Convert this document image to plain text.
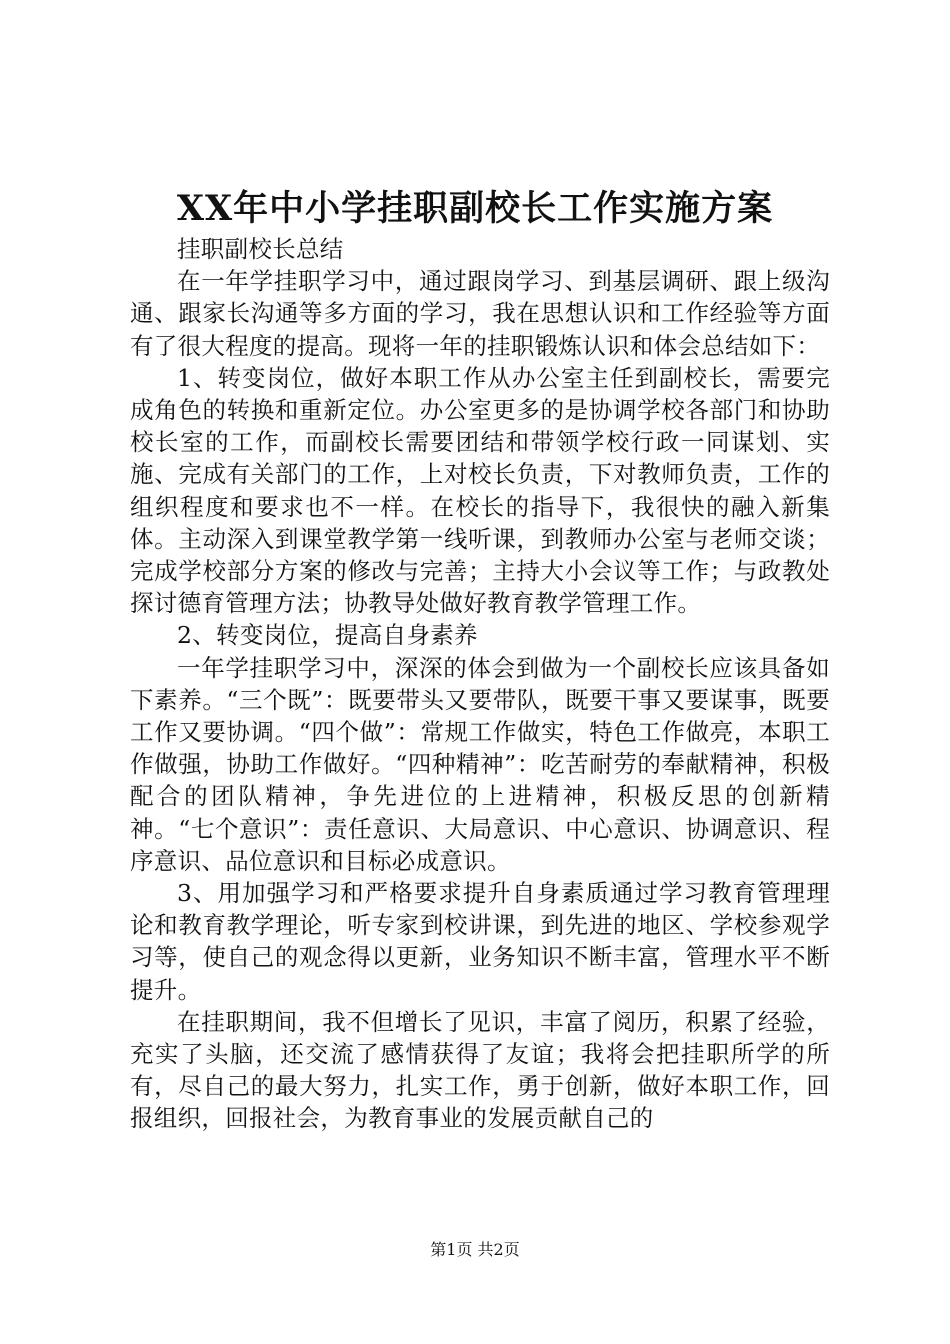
XX年中小学挂职副校长工作实施方案

挂职副校长总结

在一年学挂职学习中，通过跟岗学习、到基层调研、跟上级沟通、跟家长沟通等多方面的学习，我在思想认识和工作经验等方面有了很大程度的提高。现将一年的挂职锻炼认识和体会总结如下：

1、转变岗位，做好本职工作从办公室主任到副校长，需要完成角色的转换和重新定位。办公室更多的是协调学校各部门和协助校长室的工作，而副校长需要团结和带领学校行政一同谋划、实施、完成有关部门的工作，上对校长负责，下对教师负责，工作的组织程度和要求也不一样。在校长的指导下，我很快的融入新集体。主动深入到课堂教学第一线听课，到教师办公室与老师交谈；完成学校部分方案的修改与完善；主持大小会议等工作；与政教处探讨德育管理方法；协教导处做好教育教学管理工作。

2、转变岗位，提高自身素养

一年学挂职学习中，深深的体会到做为一个副校长应该具备如下素养。“三个既”：既要带头又要带队，既要干事又要谋事，既要工作又要协调。“四个做”：常规工作做实，特色工作做亮，本职工作做强，协助工作做好。“四种精神”：吃苦耐劳的奉献精神，积极配合的团队精神，争先进位的上进精神，积极反思的创新精神。“七个意识”：责任意识、大局意识、中心意识、协调意识、程序意识、品位意识和目标必成意识。

3、用加强学习和严格要求提升自身素质通过学习教育管理理论和教育教学理论，听专家到校讲课，到先进的地区、学校参观学习等，使自己的观念得以更新，业务知识不断丰富，管理水平不断提升。

在挂职期间，我不但增长了见识，丰富了阅历，积累了经验，充实了头脑，还交流了感情获得了友谊；我将会把挂职所学的所有，尽自己的最大努力，扎实工作，勇于创新，做好本职工作，回报组织，回报社会，为教育事业的发展贡献自己的

第1页 共2页
